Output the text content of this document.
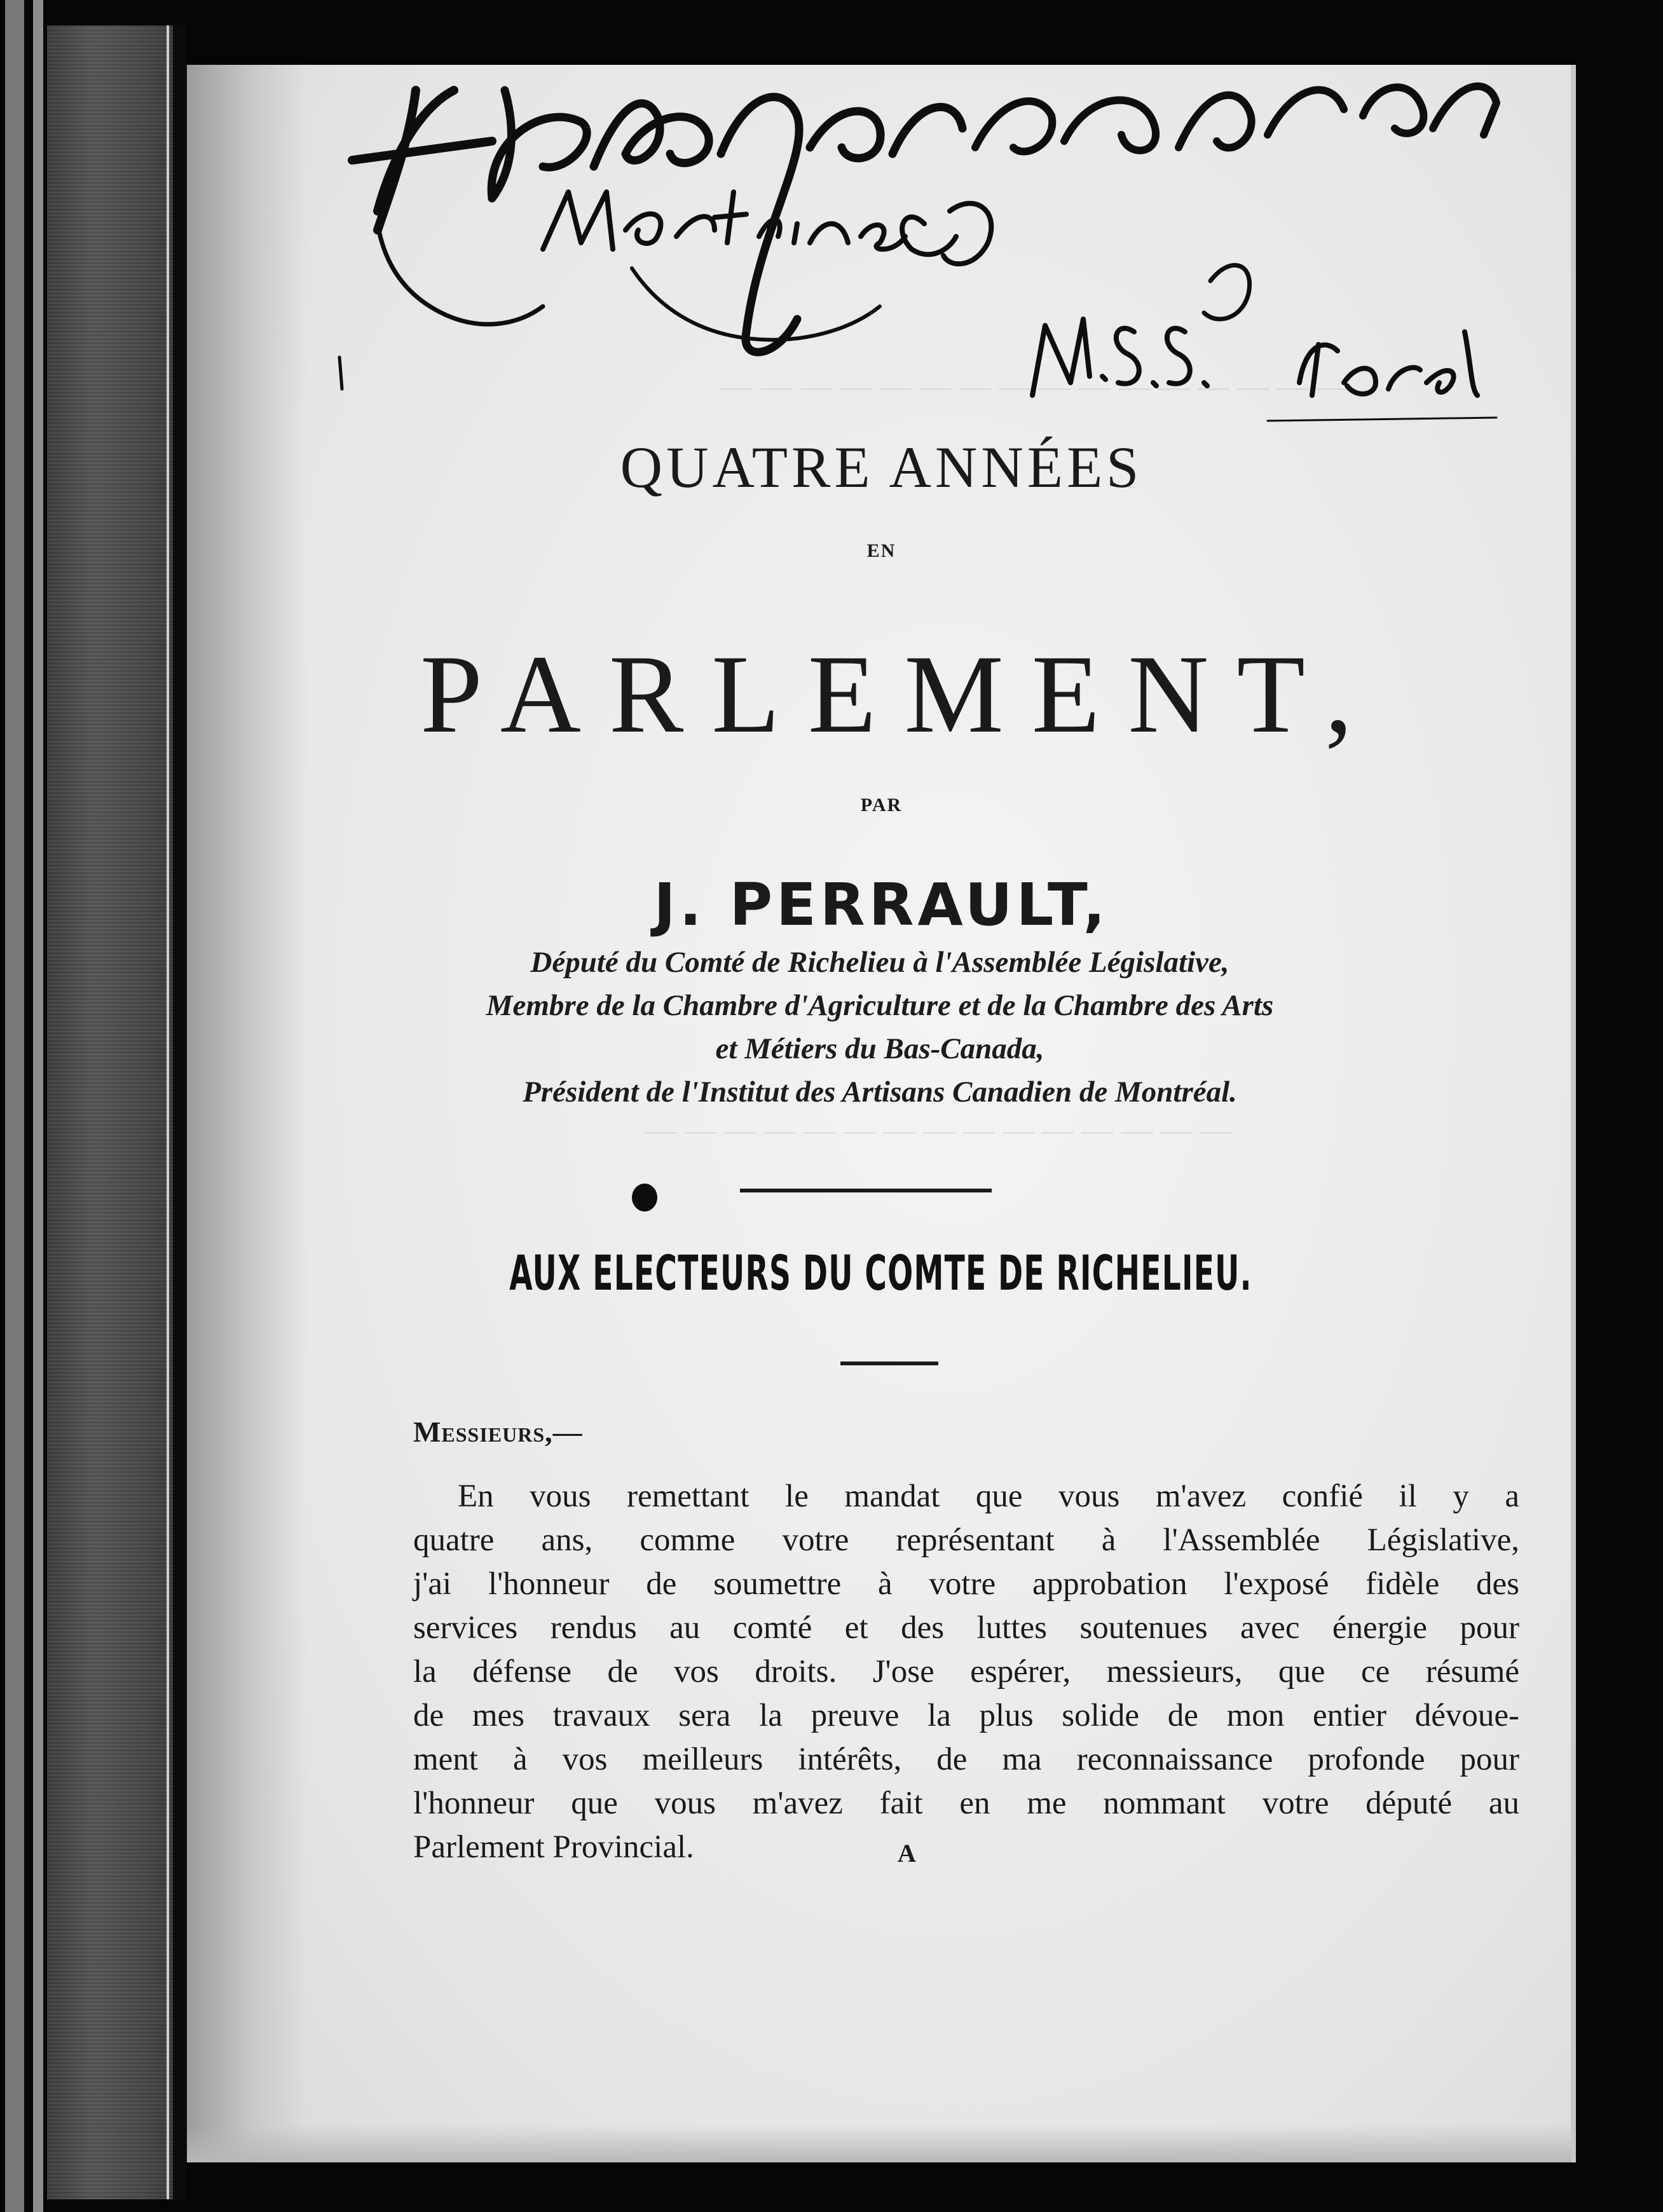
— — — — — — — — — — — — — — — —
— — — — — — — — — — — — — — —
QUATRE ANNÉES
EN
PARLEMENT,
PAR
J. PERRAULT,
Député du Comté de Richelieu à l'Assemblée Législative,
Membre de la Chambre d'Agriculture et de la Chambre des Arts
et Métiers du Bas-Canada,
Président de l'Institut des Artisans Canadien de Montréal.
AUX ELECTEURS DU COMTE DE RICHELIEU.
Messieurs,—
En vous remettant le mandat que vous m'avez confié il y a
quatre ans, comme votre représentant à l'Assemblée Législative,
j'ai l'honneur de soumettre à votre approbation l'exposé fidèle des
services rendus au comté et des luttes soutenues avec énergie pour
la défense de vos droits. J'ose espérer, messieurs, que ce résumé
de mes travaux sera la preuve la plus solide de mon entier dévoue-
ment à vos meilleurs intérêts, de ma reconnaissance profonde pour
l'honneur que vous m'avez fait en me nommant votre député au
Parlement Provincial.	A
